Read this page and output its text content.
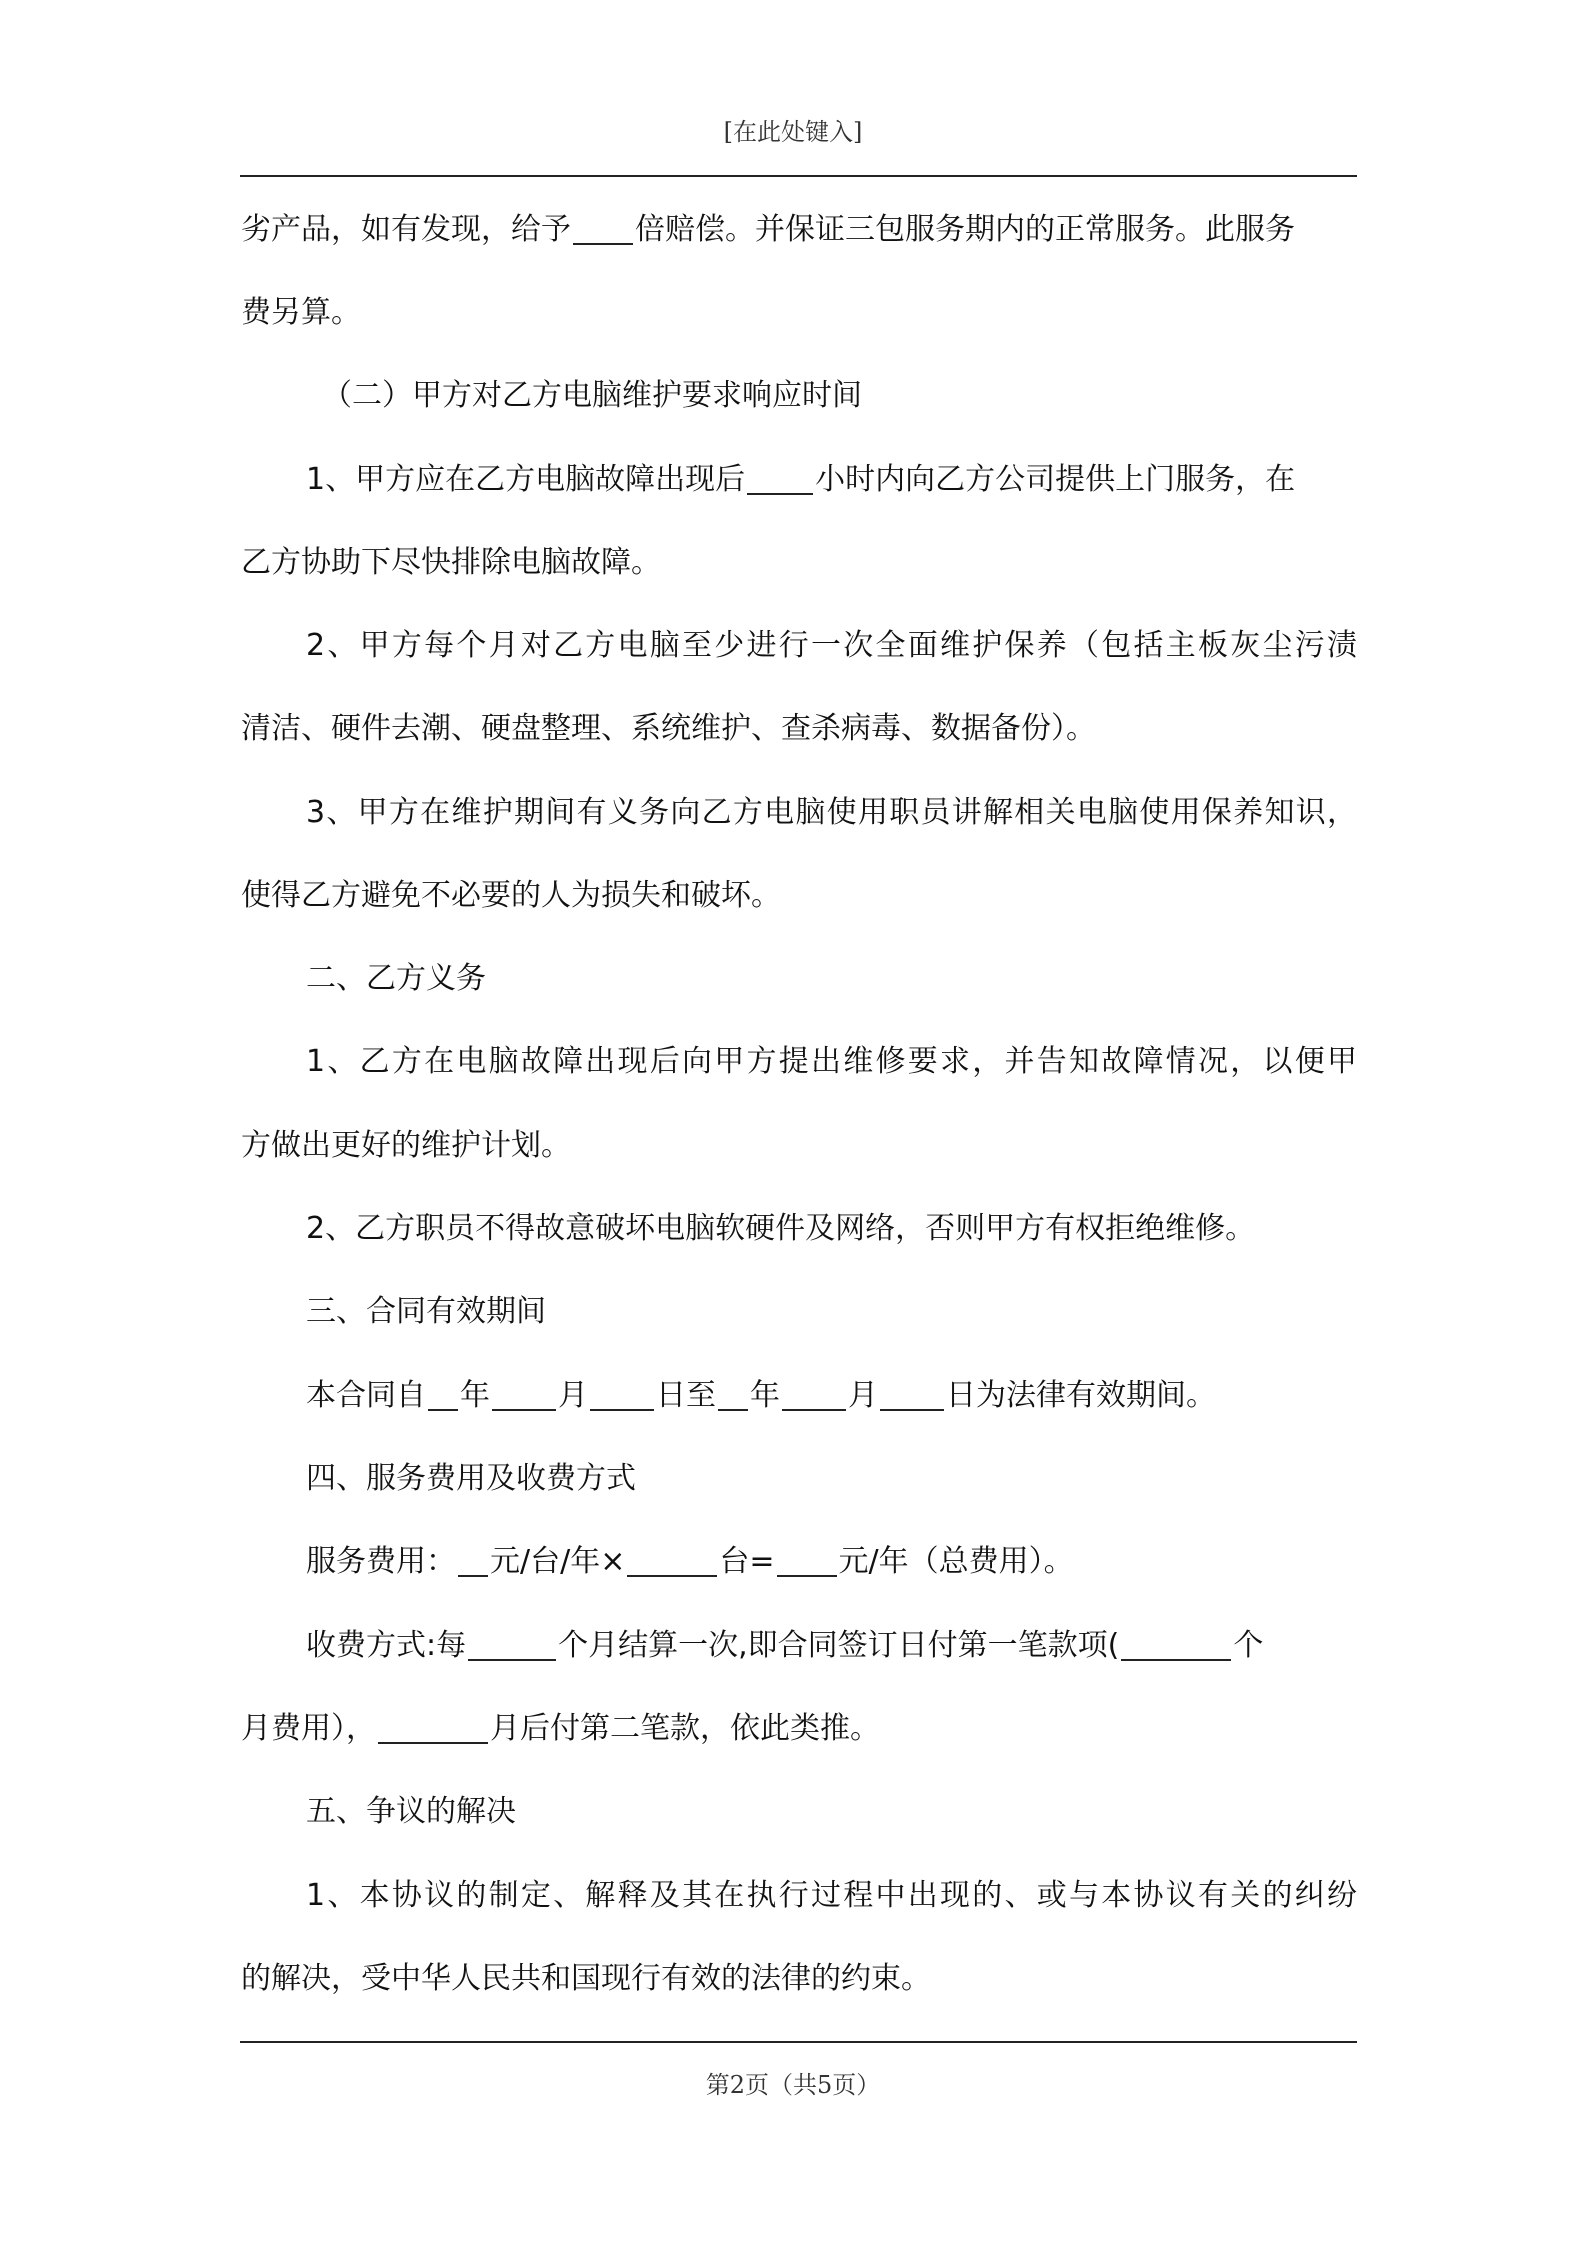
[在此处键入]
劣产品，如有发现，给予 倍赔偿。并保证三包服务期内的正常服务。此服务
费另算。
（二）甲方对乙方电脑维护要求响应时间
1、甲方应在乙方电脑故障出现后 小时内向乙方公司提供上门服务，在
乙方协助下尽快排除电脑故障。
2、甲方每个月对乙方电脑至少进行一次全面维护保养（包括主板灰尘污渍
清洁、硬件去潮、硬盘整理、系统维护、查杀病毒、数据备份）。
3、甲方在维护期间有义务向乙方电脑使用职员讲解相关电脑使用保养知识，
使得乙方避免不必要的人为损失和破坏。
二、乙方义务
1、乙方在电脑故障出现后向甲方提出维修要求，并告知故障情况，以便甲
方做出更好的维护计划。
2、乙方职员不得故意破坏电脑软硬件及网络，否则甲方有权拒绝维修。
三、合同有效期间
本合同自 年 月 日至 年 月 日为法律有效期间。
四、服务费用及收费方式
服务费用： 元/台/年×	台= 元/年（总费用）。
收费方式:每	个月结算一次,即合同签订日付第一笔款项(	个
月费用），	月后付第二笔款，依此类推。
五、争议的解决
1、本协议的制定、解释及其在执行过程中出现的、或与本协议有关的纠纷
的解决，受中华人民共和国现行有效的法律的约束。
第2页（共5页）
